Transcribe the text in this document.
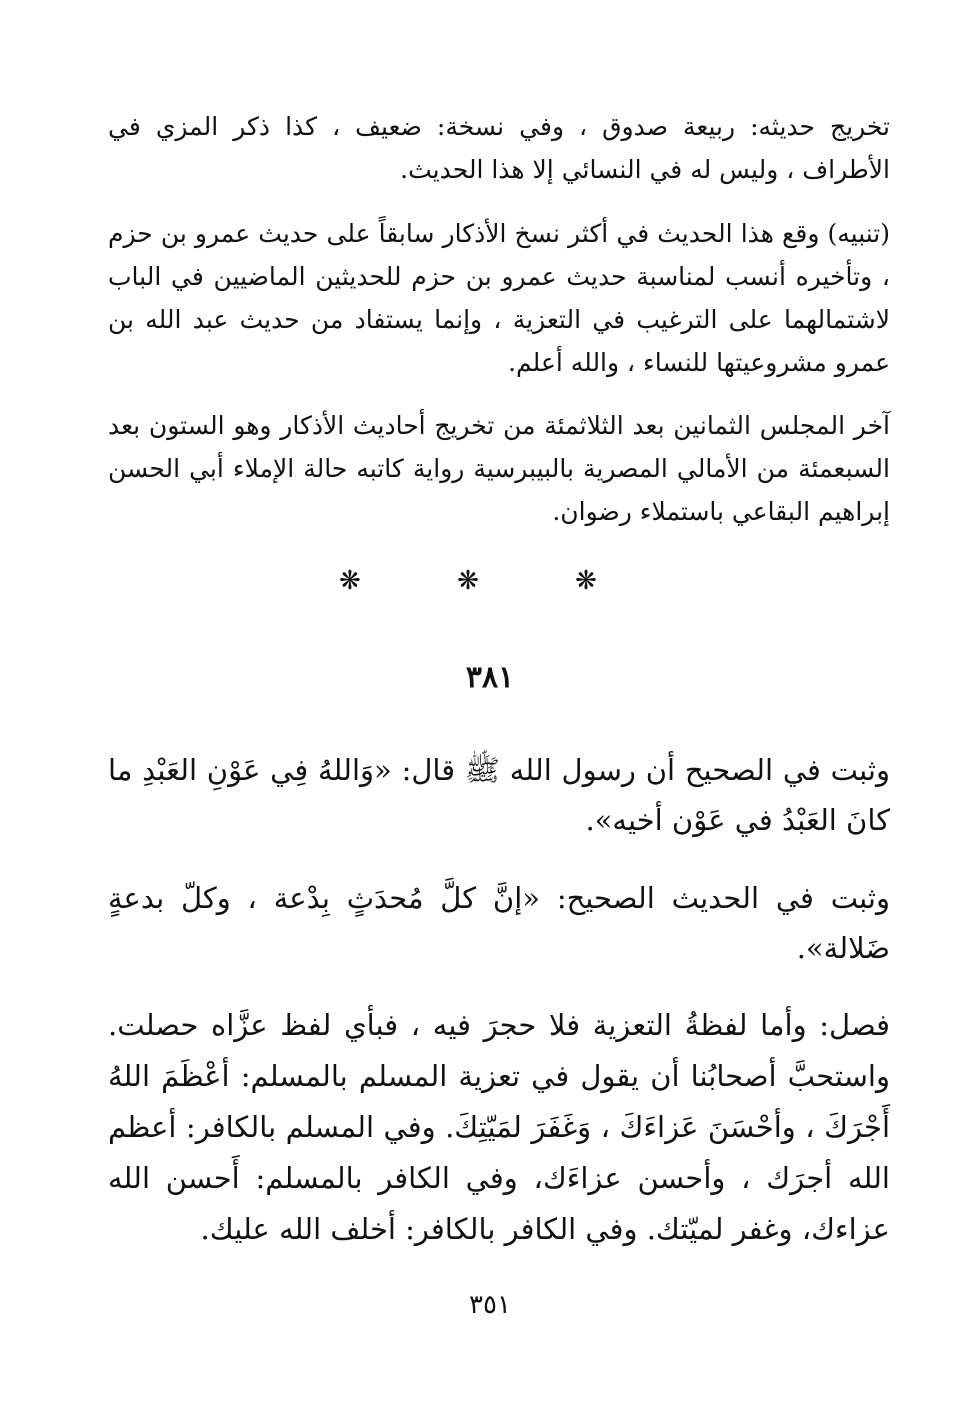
تخريج حديثه: ربيعة صدوق ، وفي نسخة: ضعيف ، كذا ذكر المزي في الأطراف ، وليس له في النسائي إلا هذا الحديث.

(تنبيه) وقع هذا الحديث في أكثر نسخ الأذكار سابقاً على حديث عمرو بن حزم ، وتأخيره أنسب لمناسبة حديث عمرو بن حزم للحديثين الماضيين في الباب لاشتمالهما على الترغيب في التعزية ، وإنما يستفاد من حديث عبد الله بن عمرو مشروعيتها للنساء ، والله أعلم.

آخر المجلس الثمانين بعد الثلاثمئة من تخريج أحاديث الأذكار وهو الستون بعد السبعمئة من الأمالي المصرية بالبيبرسية رواية كاتبه حالة الإملاء أبي الحسن إبراهيم البقاعي باستملاء رضوان.

❋ ❋ ❋
٣٨١

وثبت في الصحيح أن رسول الله ﷺ قال: «وَاللهُ فِي عَوْنِ العَبْدِ ما كانَ العَبْدُ في عَوْن أخيه».

وثبت في الحديث الصحيح: «إنَّ كلَّ مُحدَثٍ بِدْعة ، وكلّ بدعةٍ ضَلالة».

فصل: وأما لفظةُ التعزية فلا حجرَ فيه ، فبأي لفظ عزَّاه حصلت. واستحبَّ أصحابُنا أن يقول في تعزية المسلم بالمسلم: أعْظَمَ اللهُ أَجْرَكَ ، وأحْسَنَ عَزاءَكَ ، وَغَفَرَ لمَيّتِكَ. وفي المسلم بالكافر: أعظم الله أجرَك ، وأحسن عزاءَك، وفي الكافر بالمسلم: أَحسن الله عزاءك، وغفر لميّتك. وفي الكافر بالكافر: أخلف الله عليك.

٣٥١
